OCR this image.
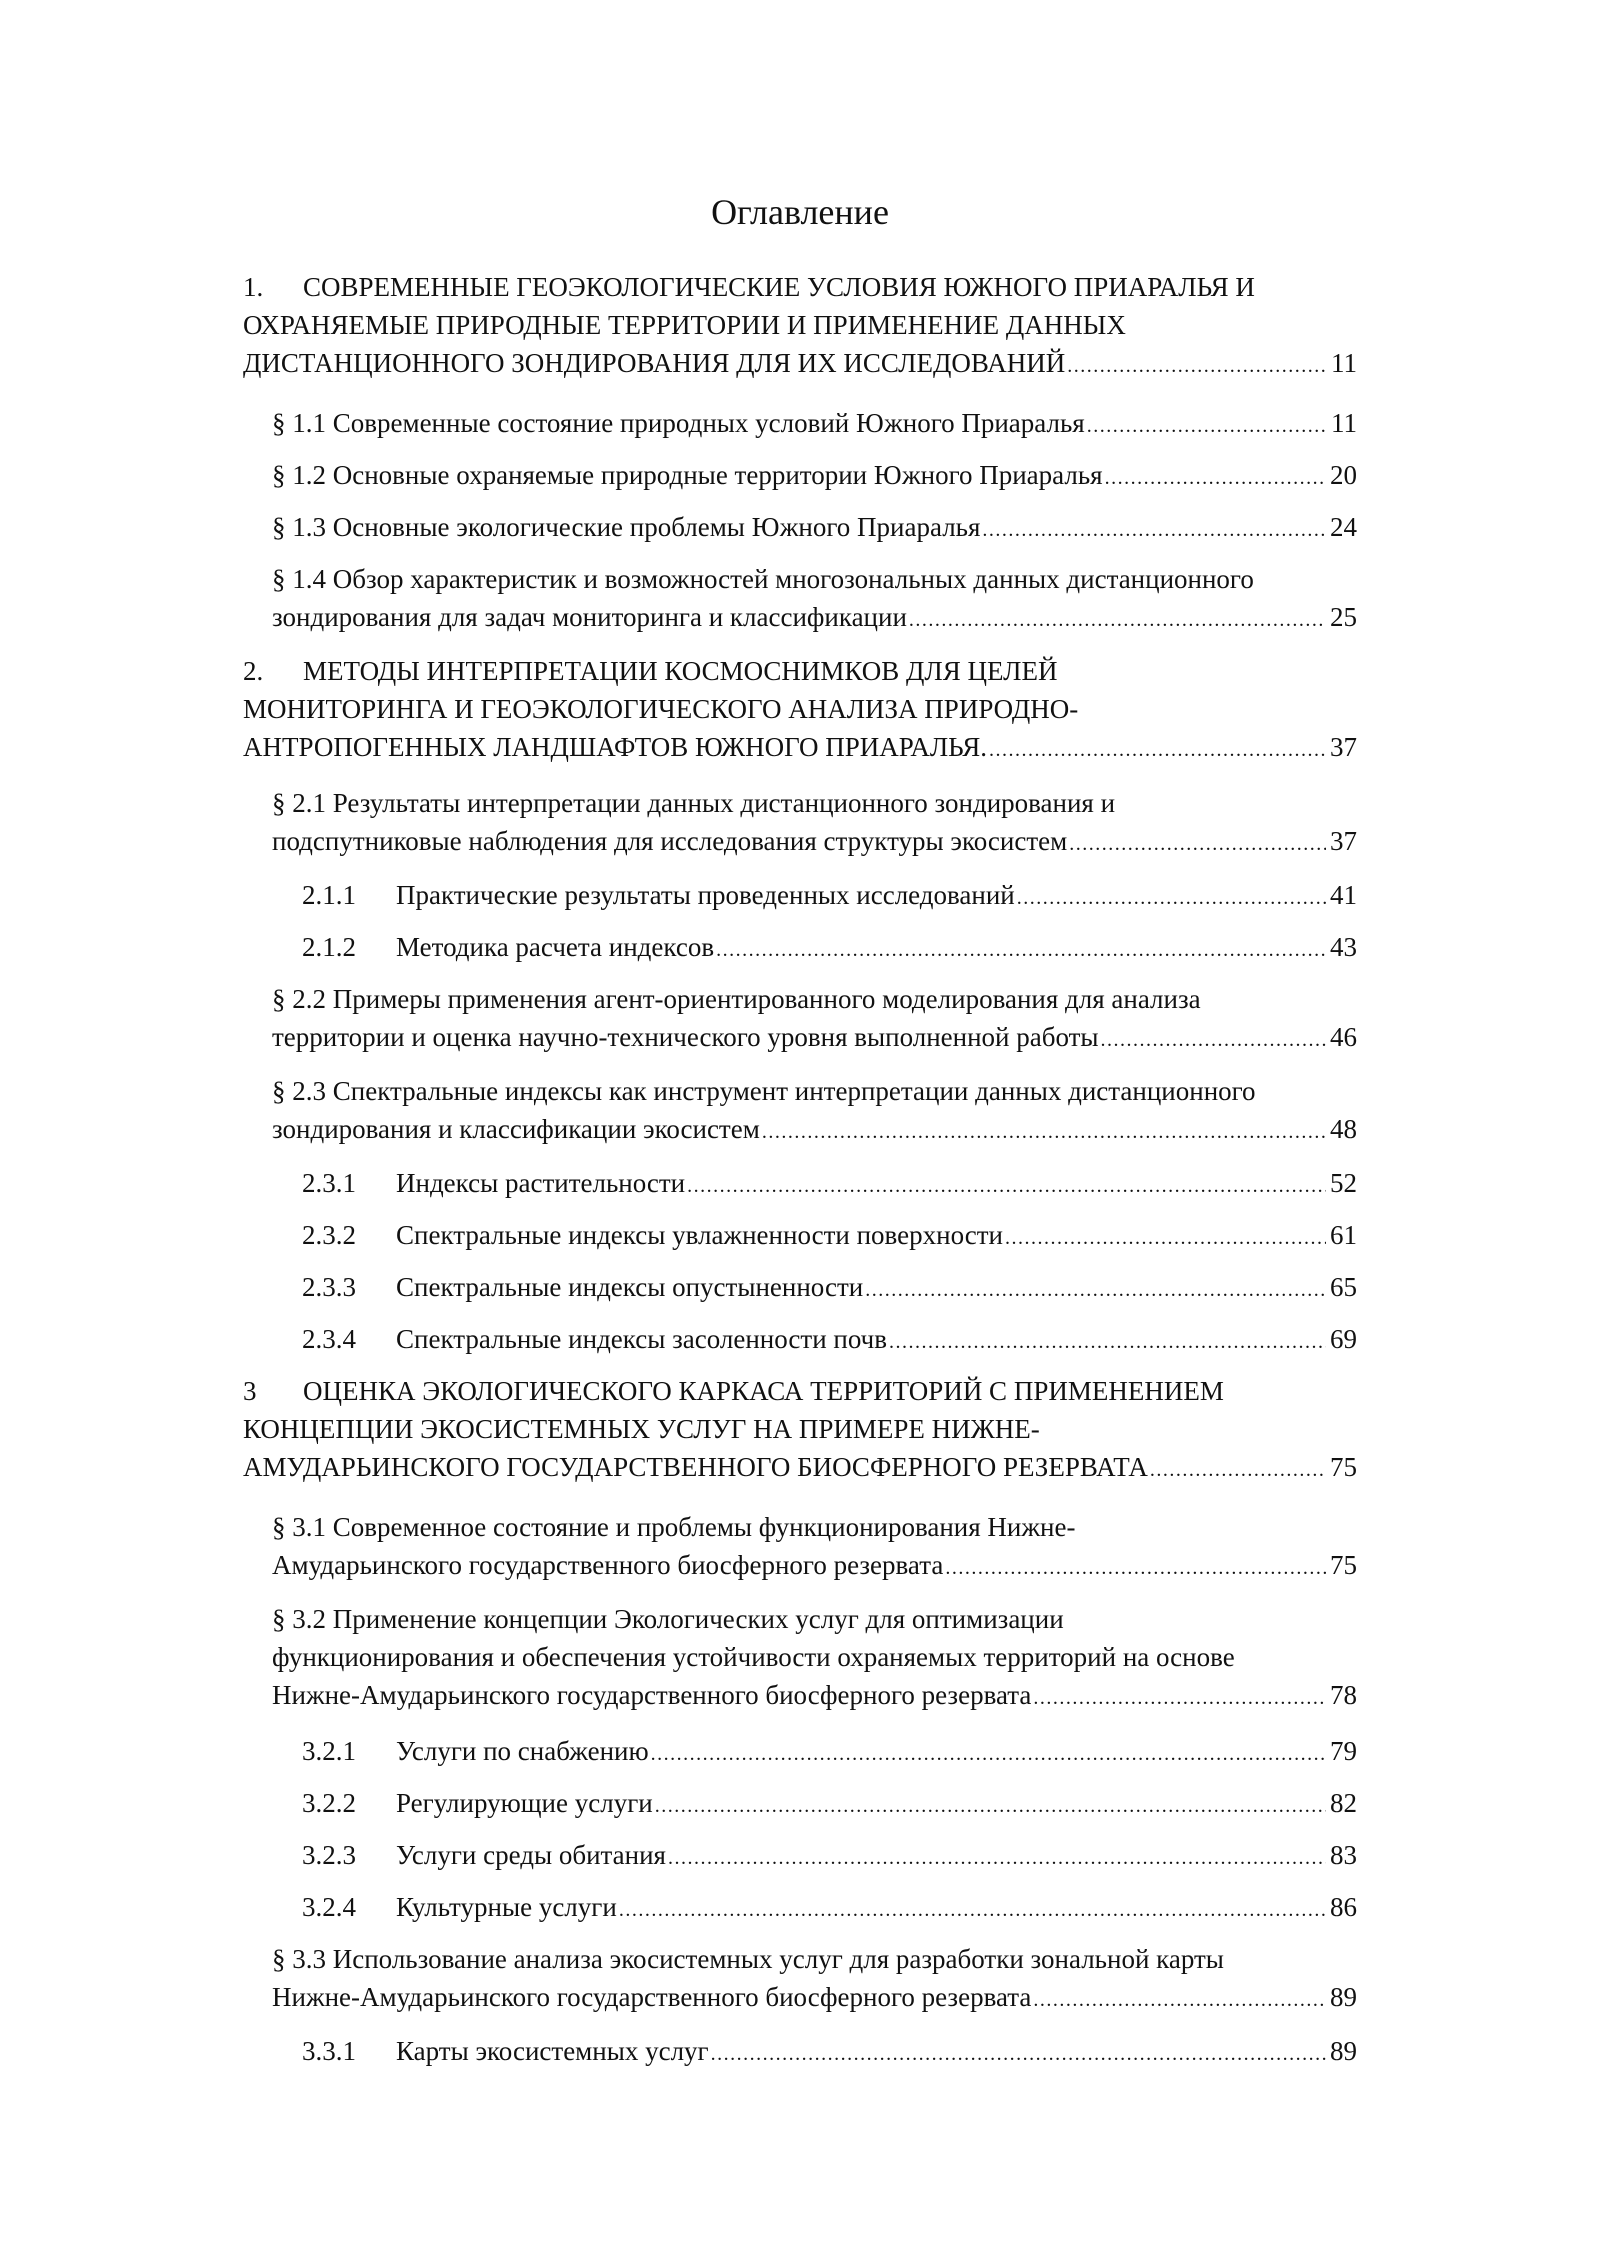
Оглавление
1.	СОВРЕМЕННЫЕ ГЕОЭКОЛОГИЧЕСКИЕ УСЛОВИЯ ЮЖНОГО ПРИАРАЛЬЯ И
ОХРАНЯЕМЫЕ ПРИРОДНЫЕ ТЕРРИТОРИИ И ПРИМЕНЕНИЕ ДАННЫХ
ДИСТАНЦИОННОГО ЗОНДИРОВАНИЯ ДЛЯ ИХ ИССЛЕДОВАНИЙ .....	11
§ 1.1 Современные состояние природных условий Южного Приаралья .....	11
§ 1.2 Основные охраняемые природные территории Южного Приаралья .....	20
§ 1.3 Основные экологические проблемы Южного Приаралья .....	24
§ 1.4 Обзор характеристик и возможностей многозональных данных дистанционного
зондирования для задач мониторинга и классификации .....	25
2.	МЕТОДЫ ИНТЕРПРЕТАЦИИ КОСМОСНИМКОВ ДЛЯ ЦЕЛЕЙ
МОНИТОРИНГА И ГЕОЭКОЛОГИЧЕСКОГО АНАЛИЗА ПРИРОДНО-
АНТРОПОГЕННЫХ ЛАНДШАФТОВ ЮЖНОГО ПРИАРАЛЬЯ. .....	37
§ 2.1 Результаты интерпретации данных дистанционного зондирования и
подспутниковые наблюдения для исследования структуры экосистем .....	37
2.1.1	Практические результаты проведенных исследований .....	41
2.1.2	Методика расчета индексов .....	43
§ 2.2 Примеры применения агент-ориентированного моделирования для анализа
территории и оценка научно-технического уровня выполненной работы .....	46
§ 2.3 Спектральные индексы как инструмент интерпретации данных дистанционного
зондирования и классификации экосистем .....	48
2.3.1	Индексы растительности .....	52
2.3.2	Спектральные индексы увлажненности поверхности .....	61
2.3.3	Спектральные индексы опустыненности .....	65
2.3.4	Спектральные индексы засоленности почв .....	69
3	ОЦЕНКА ЭКОЛОГИЧЕСКОГО КАРКАСА ТЕРРИТОРИЙ С ПРИМЕНЕНИЕМ
КОНЦЕПЦИИ ЭКОСИСТЕМНЫХ УСЛУГ НА ПРИМЕРЕ НИЖНЕ-
АМУДАРЬИНСКОГО ГОСУДАРСТВЕННОГО БИОСФЕРНОГО РЕЗЕРВАТА .....	75
§ 3.1 Современное состояние и проблемы функционирования Нижне-
Амударьинского государственного биосферного резервата .....	75
§ 3.2 Применение концепции Экологических услуг для оптимизации
функционирования и обеспечения устойчивости охраняемых территорий на основе
Нижне-Амударьинского государственного биосферного резервата .....	78
3.2.1	Услуги по снабжению .....	79
3.2.2	Регулирующие услуги .....	82
3.2.3	Услуги среды обитания .....	83
3.2.4	Культурные услуги .....	86
§ 3.3 Использование анализа экосистемных услуг для разработки зональной карты
Нижне-Амударьинского государственного биосферного резервата .....	89
3.3.1	Карты экосистемных услуг .....	89
